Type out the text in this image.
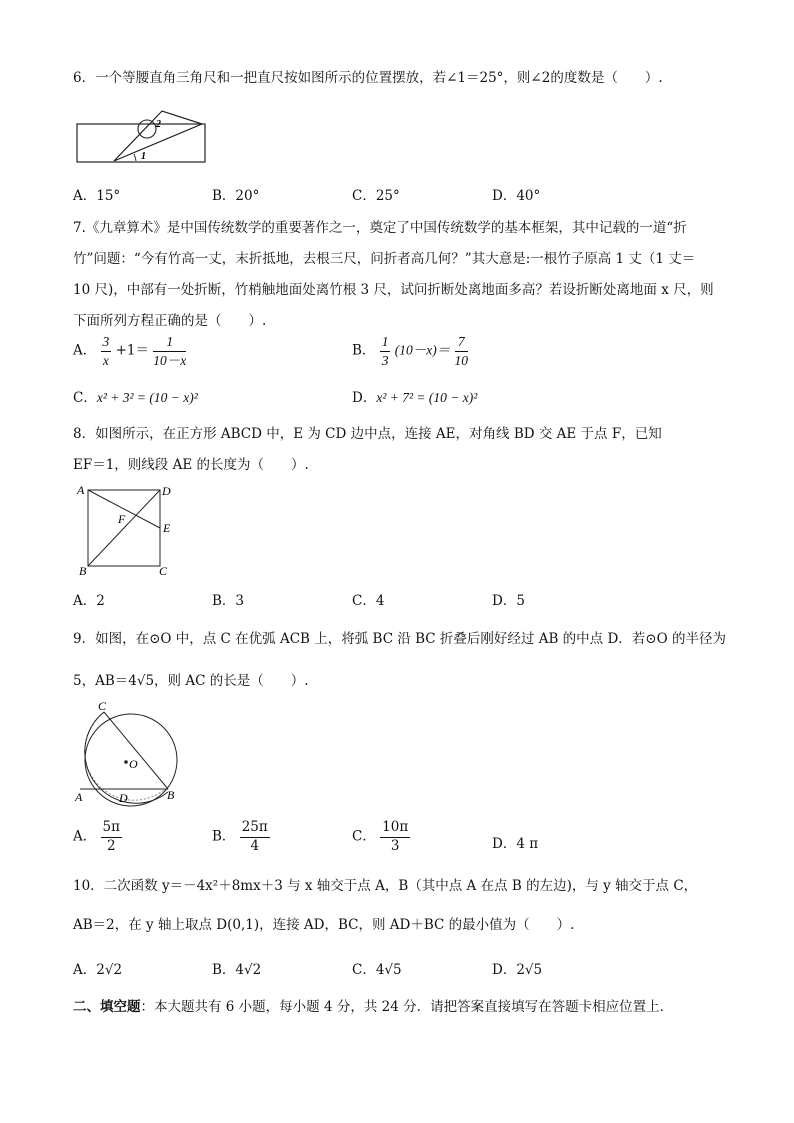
6．一个等腰直角三角尺和一把直尺按如图所示的位置摆放，若∠1＝25°，则∠2的度数是（　　）.
1
2
A．15°	B．20°	C．25°	D．40°
7.《九章算术》是中国传统数学的重要著作之一，奠定了中国传统数学的基本框架，其中记载的一道“折
竹”问题：“今有竹高一丈，末折抵地，去根三尺，问折者高几何？”其大意是:一根竹子原高 1 丈（1 丈＝
10 尺)，中部有一处折断，竹梢触地面处离竹根 3 尺，试问折断处离地面多高？若设折断处离地面 x 尺，则
下面所列方程正确的是（　　）.
A． $\frac{3}{x} +1= \frac{1}{10-x}$	B． $\frac{1}{3} (10-x)= \frac{7}{10}$
C．x² + 3² = (10 − x)²	D．x² + 7² = (10 − x)²
8．如图所示，在正方形 ABCD 中，E 为 CD 边中点，连接 AE，对角线 BD 交 AE 于点 F，已知
EF＝1，则线段 AE 的长度为（　　）.
A	D
E
F
B	C
A．2	B．3	C．4	D．5
9．如图，在⊙O 中，点 C 在优弧 ACB 上，将弧 BC 沿 BC 折叠后刚好经过 AB 的中点 D．若⊙O 的半径为
5，AB＝4√5，则 AC 的长是（　　）.
C
O
A	D	B
A． $\frac{5\pi}{2}$	B． $\frac{25\pi}{4}$	C． $\frac{10\pi}{3}$	D．4 π
10．二次函数 y＝－4x²＋8mx＋3 与 x 轴交于点 A，B（其中点 A 在点 B 的左边)，与 y 轴交于点 C，
AB＝2，在 y 轴上取点 D(0,1)，连接 AD，BC，则 AD＋BC 的最小值为（　　）.
A．2√2	B．4√2	C．4√5	D．2√5
二、填空题：本大题共有 6 小题，每小题 4 分，共 24 分．请把答案直接填写在答题卡相应位置上．
